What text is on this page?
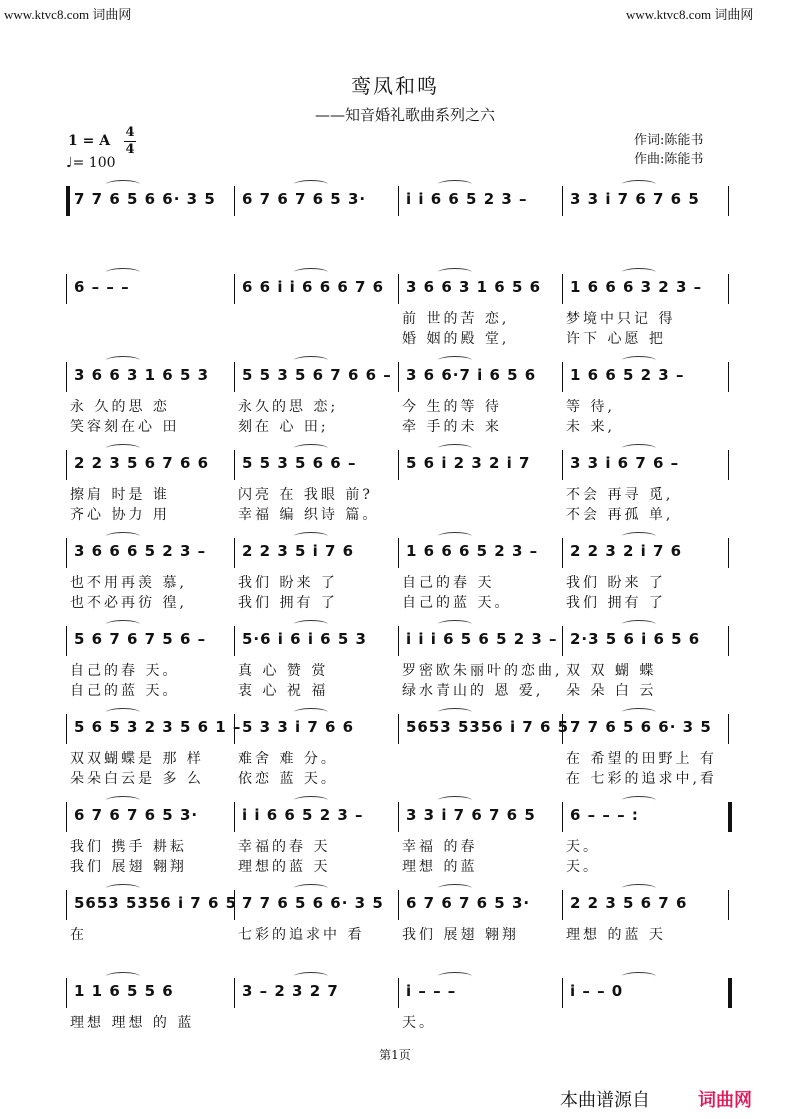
www.ktvc8.com 词曲网	www.ktvc8.com 词曲网
鸾凤和鸣
——知音婚礼歌曲系列之六
1 = A
4
4
♩= 100
作词:陈能书
作曲:陈能书
7 7 6 5 6 6· 3 5 6 7 6 7 6 5 3·	i i 6 6 5 2 3 –	3 3 i 7 6 7 6 5
6 – – –	6 6 i i 6 6 6 7 6 3 6 6 3 1 6 5 6
前 世的苦 恋,
婚 姻的殿 堂,
1 6 6 6 3 2 3 –
梦境中只记 得
许下 心愿 把
3 6 6 3 1 6 5 3
永 久的思 恋
笑容刻在心 田
5 5 3 5 6 7 6 6 –
永久的思 恋;
刻在 心 田;
3 6 6·7 i 6 5 6
今 生的等 待
牵 手的未 来
1 6 6 5 2 3 –
等 待,
未 来,
2 2 3 5 6 7 6 6
擦肩 时是 谁
齐心 协力 用
5 5 3 5 6 6 –
闪亮 在 我眼 前?
幸福 编 织诗 篇。
5 6 i 2 3 2 i 7	3 3 i 6 7 6 –
不会 再寻 觅,
不会 再孤 单,
3 6 6 6 5 2 3 –
也不用再羡 慕,
也不必再彷 徨,
2 2 3 5 i 7 6
我们 盼来 了
我们 拥有 了
1 6 6 6 5 2 3 –
自己的春 天
自己的蓝 天。
2 2 3 2 i 7 6
我们 盼来 了
我们 拥有 了
5 6 7 6 7 5 6 –
自己的春 天。
自己的蓝 天。
5·6 i 6 i 6 5 3
真 心 赞 赏
衷 心 祝 福
i i i 6 5 6 5 2 3 –
罗密欧朱丽叶的恋曲,
绿水青山的 恩 爱,
2·3 5 6 i 6 5 6
双 双 蝴 蝶
朵 朵 白 云
5 6 5 3 2 3 5 6 1 –
双双蝴蝶是 那 样
朵朵白云是 多 么
5 3 3 i 7 6 6
难舍 难 分。
依恋 蓝 天。
5653 5356 i 7 6 5 7 7 6 5 6 6· 3 5
在 希望的田野上 有
在 七彩的追求中,看
6 7 6 7 6 5 3·
我们 携手 耕耘
我们 展翅 翱翔
i i 6 6 5 2 3 –
幸福的春 天
理想的蓝 天
3 3 i 7 6 7 6 5
幸福 的春
理想 的蓝
6 – – – :
天。
天。
5653 5356 i 7 6 5
在
7 7 6 5 6 6· 3 5
七彩的追求中 看
6 7 6 7 6 5 3·
我们 展翅 翱翔
2 2 3 5 6 7 6
理想 的蓝 天
1 1 6 5 5 6
理想 理想 的 蓝
3 – 2 3 2 7	i – – –
天。
i – – 0
第1页
本曲谱源自	词曲网
